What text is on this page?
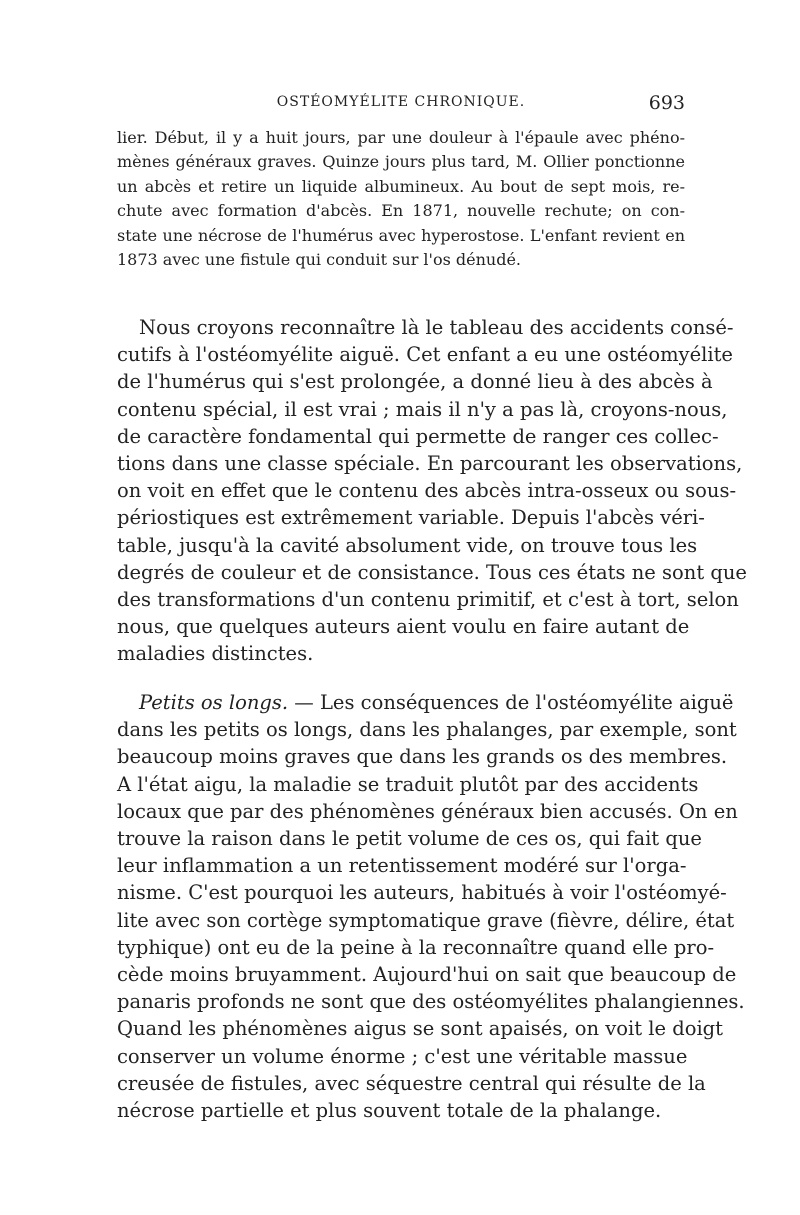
OSTÉOMYÉLITE CHRONIQUE.	693
lier. Début, il y a huit jours, par une douleur à l'épaule avec phéno-
mènes généraux graves. Quinze jours plus tard, M. Ollier ponctionne
un abcès et retire un liquide albumineux. Au bout de sept mois, re-
chute avec formation d'abcès. En 1871, nouvelle rechute; on con-
state une nécrose de l'humérus avec hyperostose. L'enfant revient en
1873 avec une fistule qui conduit sur l'os dénudé.
Nous croyons reconnaître là le tableau des accidents consé-
cutifs à l'ostéomyélite aiguë. Cet enfant a eu une ostéomyélite
de l'humérus qui s'est prolongée, a donné lieu à des abcès à
contenu spécial, il est vrai ; mais il n'y a pas là, croyons-nous,
de caractère fondamental qui permette de ranger ces collec-
tions dans une classe spéciale. En parcourant les observations,
on voit en effet que le contenu des abcès intra-osseux ou sous-
périostiques est extrêmement variable. Depuis l'abcès véri-
table, jusqu'à la cavité absolument vide, on trouve tous les
degrés de couleur et de consistance. Tous ces états ne sont que
des transformations d'un contenu primitif, et c'est à tort, selon
nous, que quelques auteurs aient voulu en faire autant de
maladies distinctes.
Petits os longs. — Les conséquences de l'ostéomyélite aiguë
dans les petits os longs, dans les phalanges, par exemple, sont
beaucoup moins graves que dans les grands os des membres.
A l'état aigu, la maladie se traduit plutôt par des accidents
locaux que par des phénomènes généraux bien accusés. On en
trouve la raison dans le petit volume de ces os, qui fait que
leur inflammation a un retentissement modéré sur l'orga-
nisme. C'est pourquoi les auteurs, habitués à voir l'ostéomyé-
lite avec son cortège symptomatique grave (fièvre, délire, état
typhique) ont eu de la peine à la reconnaître quand elle pro-
cède moins bruyamment. Aujourd'hui on sait que beaucoup de
panaris profonds ne sont que des ostéomyélites phalangiennes.
Quand les phénomènes aigus se sont apaisés, on voit le doigt
conserver un volume énorme ; c'est une véritable massue
creusée de fistules, avec séquestre central qui résulte de la
nécrose partielle et plus souvent totale de la phalange.
